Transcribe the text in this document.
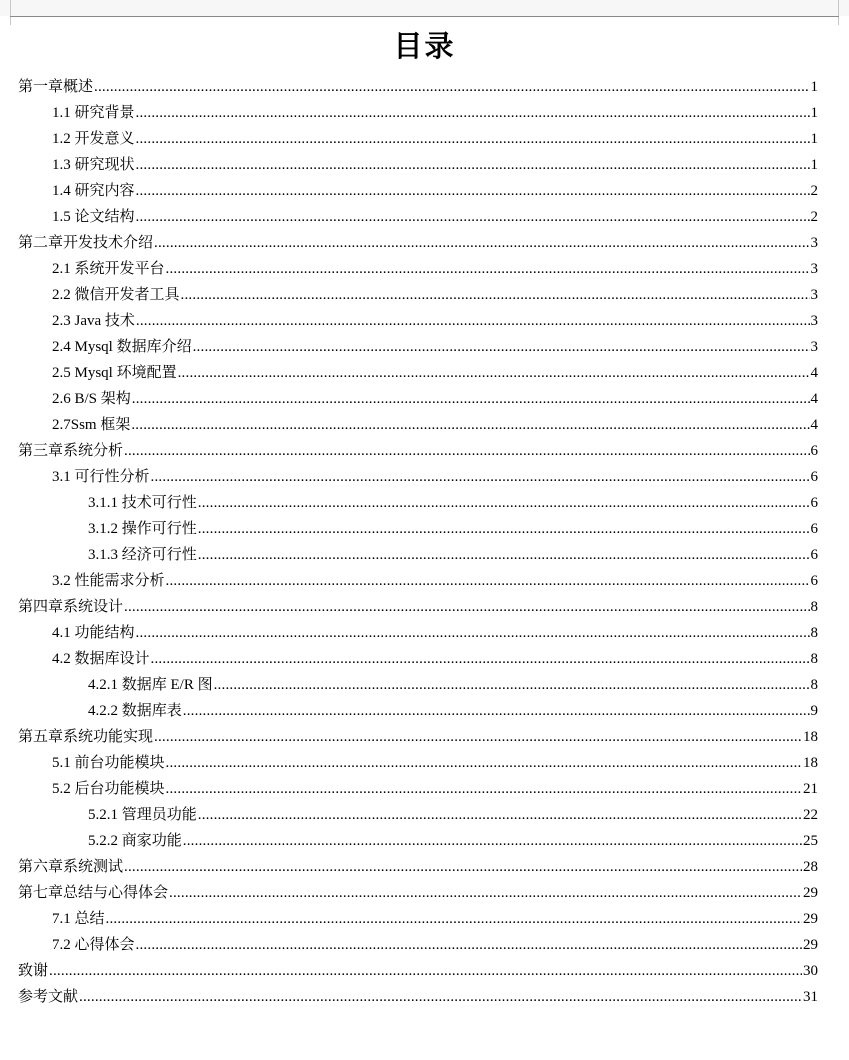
目录
第一章概述 .....	1
1.1 研究背景 .....	1
1.2 开发意义 .....	1
1.3 研究现状 .....	1
1.4 研究内容 .....	2
1.5 论文结构 .....	2
第二章开发技术介绍 .....	3
2.1 系统开发平台 .....	3
2.2 微信开发者工具 .....	3
2.3 Java 技术 .....	3
2.4 Mysql 数据库介绍 .....	3
2.5 Mysql 环境配置 .....	4
2.6 B/S 架构 .....	4
2.7Ssm 框架 .....	4
第三章系统分析 .....	6
3.1 可行性分析 .....	6
3.1.1 技术可行性 .....	6
3.1.2 操作可行性 .....	6
3.1.3 经济可行性 .....	6
3.2 性能需求分析 .....	6
第四章系统设计 .....	8
4.1 功能结构 .....	8
4.2 数据库设计 .....	8
4.2.1 数据库 E/R 图 .....	8
4.2.2 数据库表 .....	9
第五章系统功能实现 .....	18
5.1 前台功能模块 .....	18
5.2 后台功能模块 .....	21
5.2.1 管理员功能 .....	22
5.2.2 商家功能 .....	25
第六章系统测试 .....	28
第七章总结与心得体会 .....	29
7.1 总结 .....	29
7.2 心得体会 .....	29
致谢 .....	30
参考文献 .....	31
